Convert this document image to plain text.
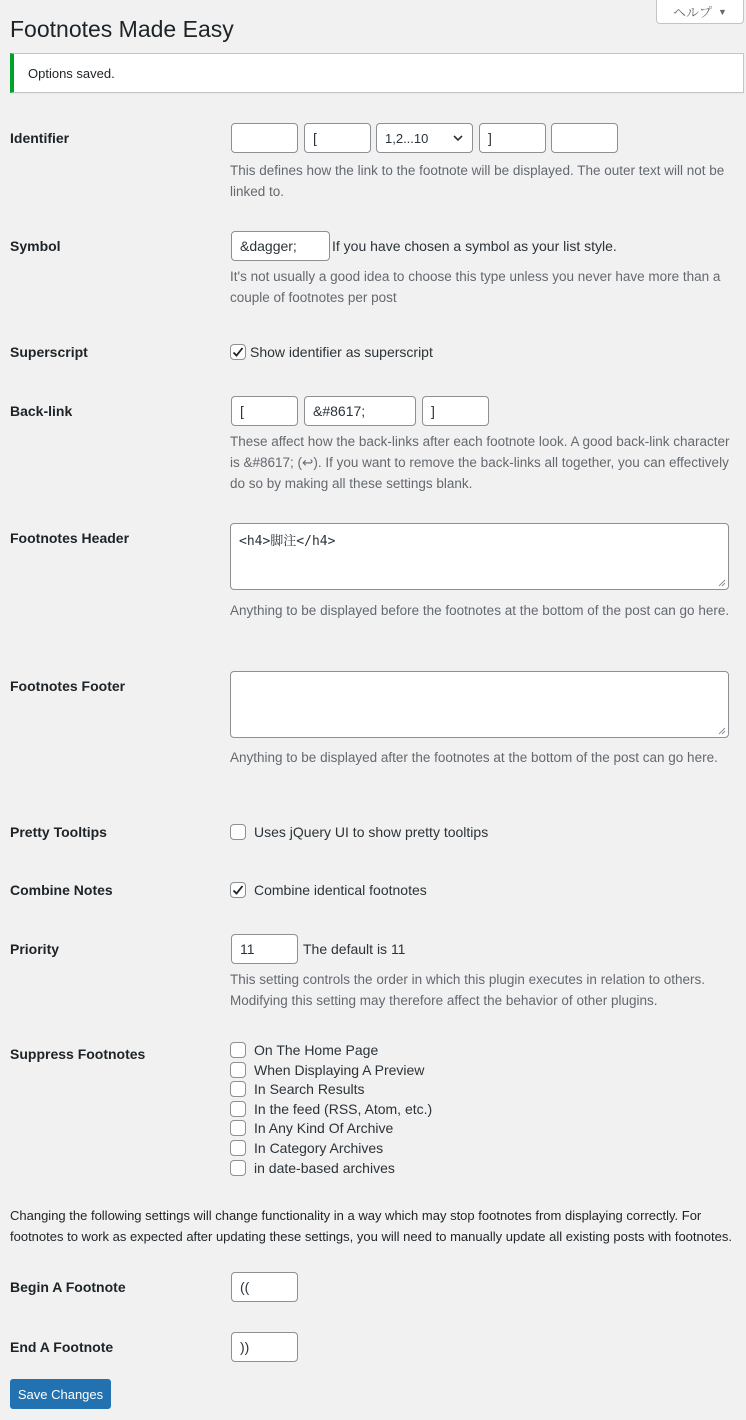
ヘルプ ▼
Footnotes Made Easy
Options saved.
Identifier	[	1,2...10	]

This defines how the link to the footnote will be displayed. The outer text will not be linked to.

Symbol	&dagger;	If you have chosen a symbol as your list style.

It's not usually a good idea to choose this type unless you never have more than a couple of footnotes per post

Superscript	Show identifier as superscript
Back-link	[	&#8617;	]

These affect how the back-links after each footnote look. A good back-link character is &#8617; (↩). If you want to remove the back-links all together, you can effectively do so by making all these settings blank.

Footnotes Header	<h4>脚注</h4>

Anything to be displayed before the footnotes at the bottom of the post can go here.

Footnotes Footer

Anything to be displayed after the footnotes at the bottom of the post can go here.

Pretty Tooltips	Uses jQuery UI to show pretty tooltips
Combine Notes	Combine identical footnotes
Priority	11	The default is 11

This setting controls the order in which this plugin executes in relation to others. Modifying this setting may therefore affect the behavior of other plugins.

Suppress Footnotes	On The Home Page
When Displaying A Preview
In Search Results
In the feed (RSS, Atom, etc.)
In Any Kind Of Archive
In Category Archives
in date-based archives

Changing the following settings will change functionality in a way which may stop footnotes from displaying correctly. For footnotes to work as expected after updating these settings, you will need to manually update all existing posts with footnotes.

Begin A Footnote	((
End A Footnote	))
Save Changes
